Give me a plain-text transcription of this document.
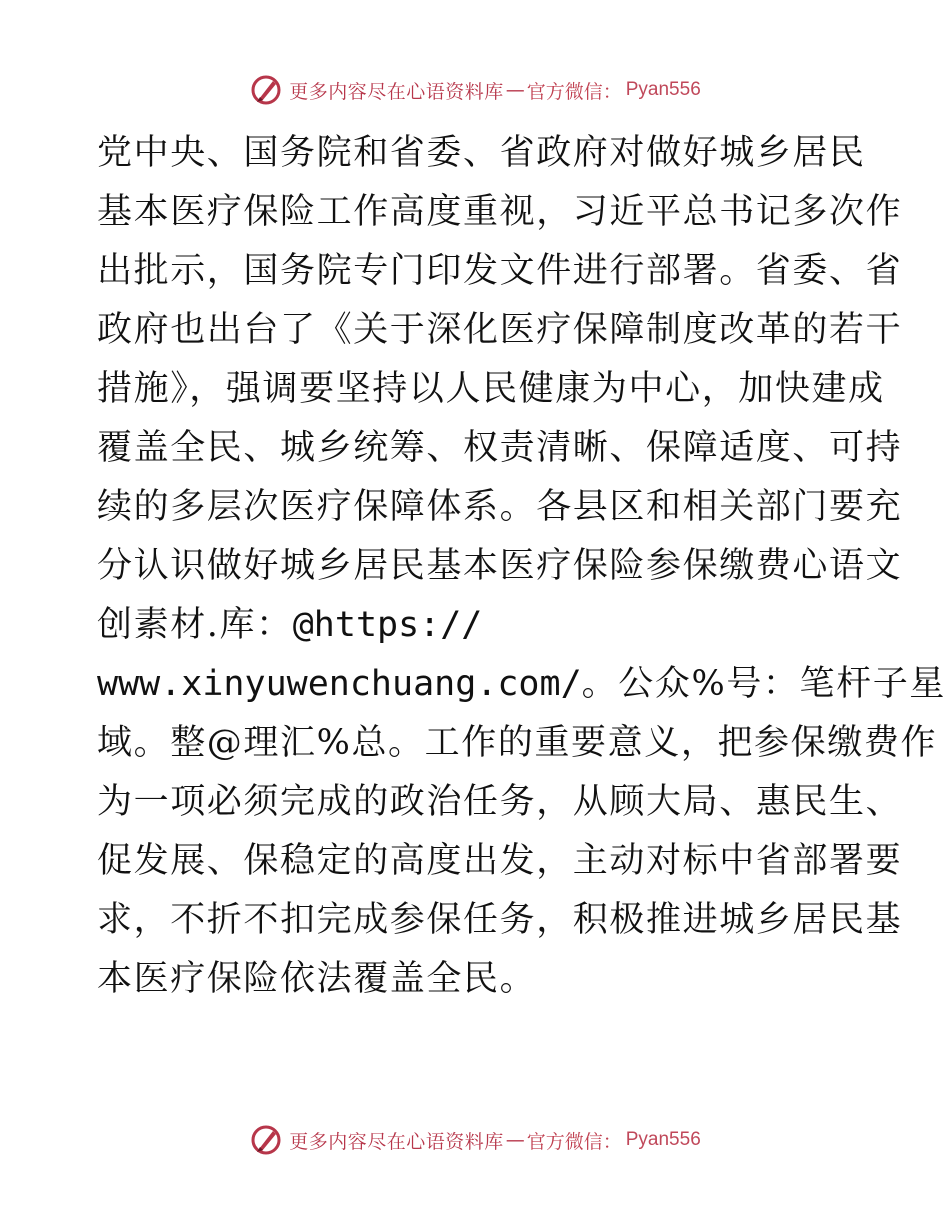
更多内容尽在心语资料库 — 官方微信： Pyan556
党中央、国务院和省委、省政府对做好城乡居民
基本医疗保险工作高度重视，习近平总书记多次作
出批示，国务院专门印发文件进行部署。省委、省
政府也出台了《关于深化医疗保障制度改革的若干
措施》，强调要坚持以人民健康为中心，加快建成
覆盖全民、城乡统筹、权责清晰、保障适度、可持
续的多层次医疗保障体系。各县区和相关部门要充
分认识做好城乡居民基本医疗保险参保缴费心语文
创素材.库：@https://
www.xinyuwenchuang.com/。公众%号：笔杆子星
域。整@理汇%总。工作的重要意义，把参保缴费作
为一项必须完成的政治任务，从顾大局、惠民生、
促发展、保稳定的高度出发，主动对标中省部署要
求，不折不扣完成参保任务，积极推进城乡居民基
本医疗保险依法覆盖全民。
更多内容尽在心语资料库 — 官方微信： Pyan556
